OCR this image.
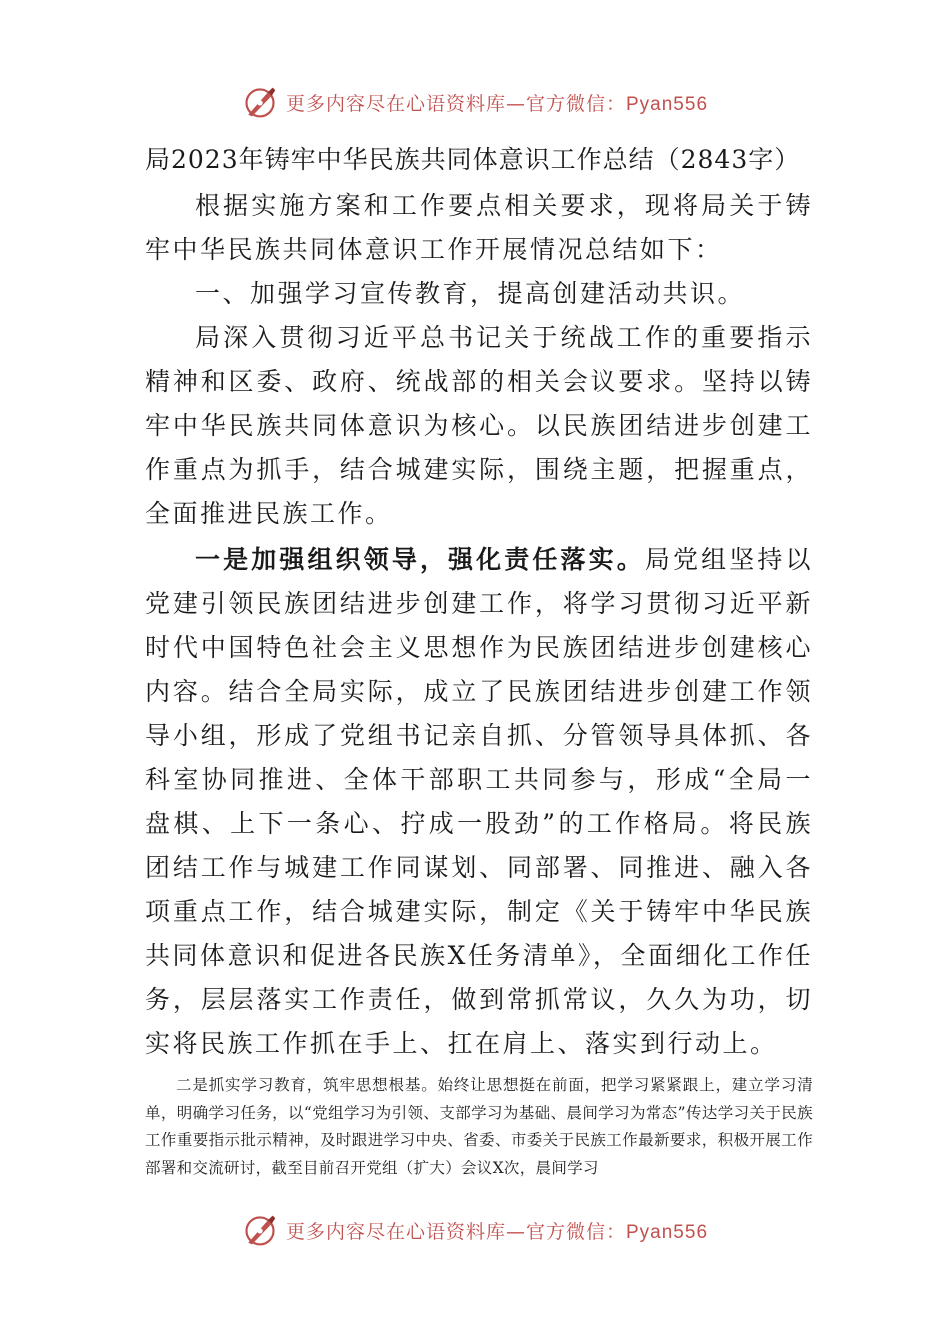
更多内容尽在心语资料库—官方微信：Pyan556

局2023年铸牢中华民族共同体意识工作总结（2843字）

根据实施方案和工作要点相关要求，现将局关于铸牢中华民族共同体意识工作开展情况总结如下：

一、加强学习宣传教育，提高创建活动共识。

局深入贯彻习近平总书记关于统战工作的重要指示精神和区委、政府、统战部的相关会议要求。坚持以铸牢中华民族共同体意识为核心。以民族团结进步创建工作重点为抓手，结合城建实际，围绕主题，把握重点，全面推进民族工作。

一是加强组织领导，强化责任落实。局党组坚持以党建引领民族团结进步创建工作，将学习贯彻习近平新时代中国特色社会主义思想作为民族团结进步创建核心内容。结合全局实际，成立了民族团结进步创建工作领导小组，形成了党组书记亲自抓、分管领导具体抓、各科室协同推进、全体干部职工共同参与，形成“全局一盘棋、上下一条心、拧成一股劲”的工作格局。将民族团结工作与城建工作同谋划、同部署、同推进、融入各项重点工作，结合城建实际，制定《关于铸牢中华民族共同体意识和促进各民族X任务清单》，全面细化工作任务，层层落实工作责任，做到常抓常议，久久为功，切实将民族工作抓在手上、扛在肩上、落实到行动上。

二是抓实学习教育，筑牢思想根基。始终让思想挺在前面，把学习紧紧跟上，建立学习清单，明确学习任务，以“党组学习为引领、支部学习为基础、晨间学习为常态”传达学习关于民族工作重要指示批示精神，及时跟进学习中央、省委、市委关于民族工作最新要求，积极开展工作部署和交流研讨，截至目前召开党组（扩大）会议X次，晨间学习

更多内容尽在心语资料库—官方微信：Pyan556
